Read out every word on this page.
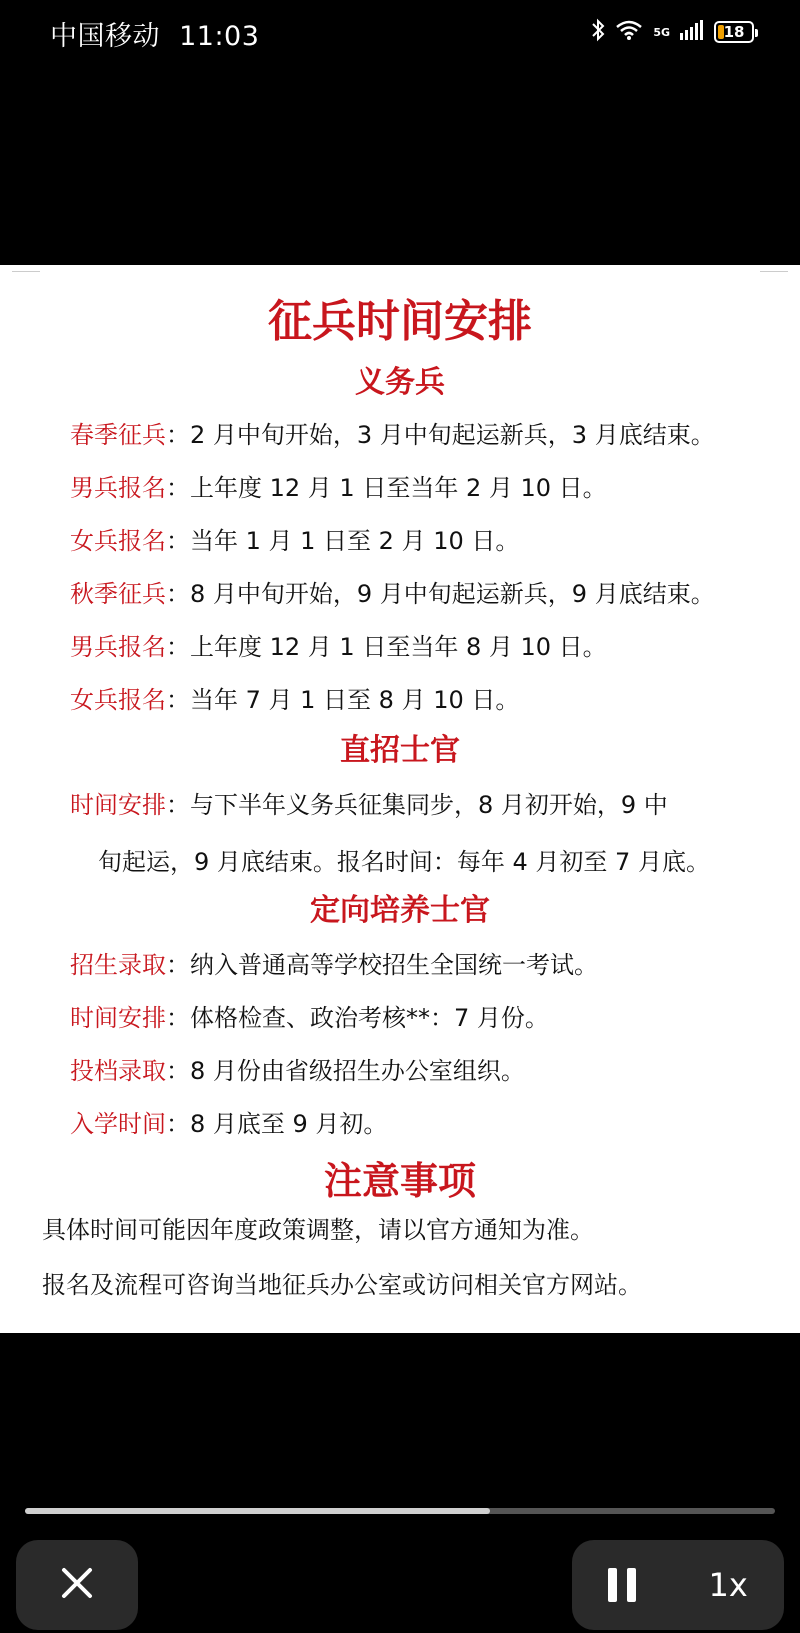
中国移动 11:03	5G	18
征兵时间安排
义务兵
春季征兵：2 月中旬开始，3 月中旬起运新兵，3 月底结束。
男兵报名：上年度 12 月 1 日至当年 2 月 10 日。
女兵报名：当年 1 月 1 日至 2 月 10 日。
秋季征兵：8 月中旬开始，9 月中旬起运新兵，9 月底结束。
男兵报名：上年度 12 月 1 日至当年 8 月 10 日。
女兵报名：当年 7 月 1 日至 8 月 10 日。
直招士官
时间安排：与下半年义务兵征集同步，8 月初开始，9 中
旬起运，9 月底结束。报名时间：每年 4 月初至 7 月底。
定向培养士官
招生录取：纳入普通高等学校招生全国统一考试。
时间安排：体格检查、政治考核**：7 月份。
投档录取：8 月份由省级招生办公室组织。
入学时间：8 月底至 9 月初。
注意事项
具体时间可能因年度政策调整，请以官方通知为准。
报名及流程可咨询当地征兵办公室或访问相关官方网站。
1x
